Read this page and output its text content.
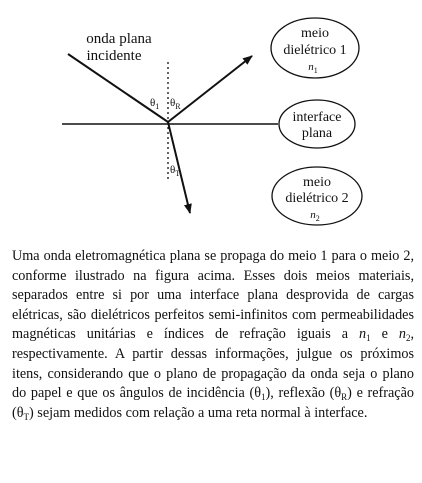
onda plana
incidente
$\theta_1$ $\theta_R$
$\theta_T$
meio
dielétrico 1
$n_1$
interface
plana
meio
dielétrico 2
$n_2$

Uma onda eletromagnética plana se propaga do meio 1 para o meio 2, conforme ilustrado na figura acima. Esses dois meios materiais, separados entre si por uma interface plana desprovida de cargas elétricas, são dielétricos perfeitos semi-infinitos com permeabilidades magnéticas unitárias e índices de refração iguais a $n_1$ e $n_2$, respectivamente. A partir dessas informações, julgue os próximos itens, considerando que o plano de propagação da onda seja o plano do papel e que os ângulos de incidência $(\theta_1)$, reflexão $(\theta_R)$ e refração $(\theta_T)$ sejam medidos com relação a uma reta normal à interface.
